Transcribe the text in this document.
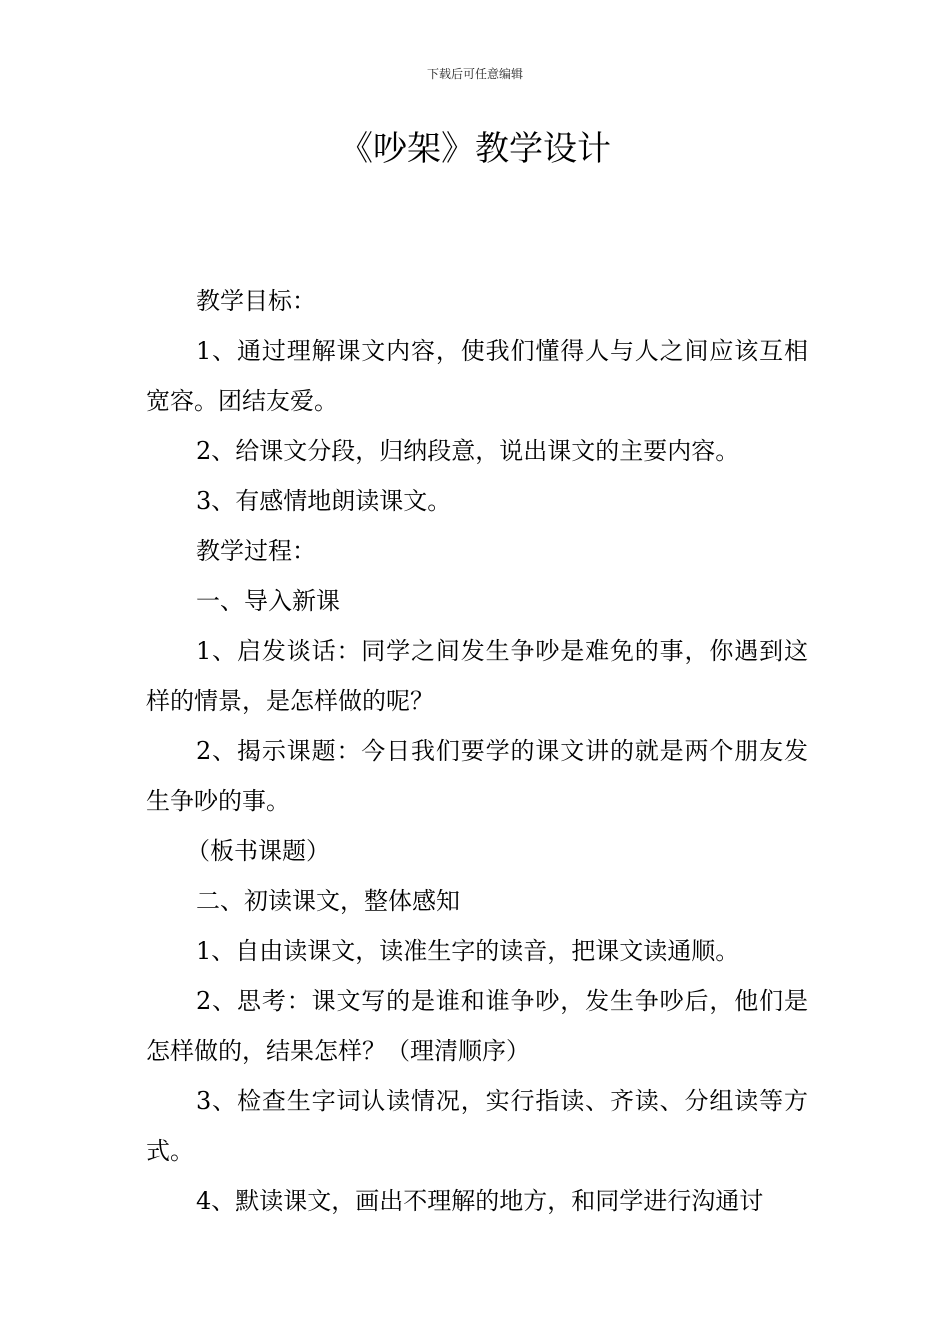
下载后可任意编辑
《吵架》教学设计

教学目标：

1、通过理解课文内容，使我们懂得人与人之间应该互相宽容。团结友爱。

2、给课文分段，归纳段意，说出课文的主要内容。

3、有感情地朗读课文。

教学过程：

一、导入新课

1、启发谈话：同学之间发生争吵是难免的事，你遇到这样的情景，是怎样做的呢？

2、揭示课题：今日我们要学的课文讲的就是两个朋友发生争吵的事。

（板书课题）

二、初读课文，整体感知

1、自由读课文，读准生字的读音，把课文读通顺。

2、思考：课文写的是谁和谁争吵，发生争吵后，他们是怎样做的，结果怎样？（理清顺序）

3、检查生字词认读情况，实行指读、齐读、分组读等方式。

4、默读课文，画出不理解的地方，和同学进行沟通讨
